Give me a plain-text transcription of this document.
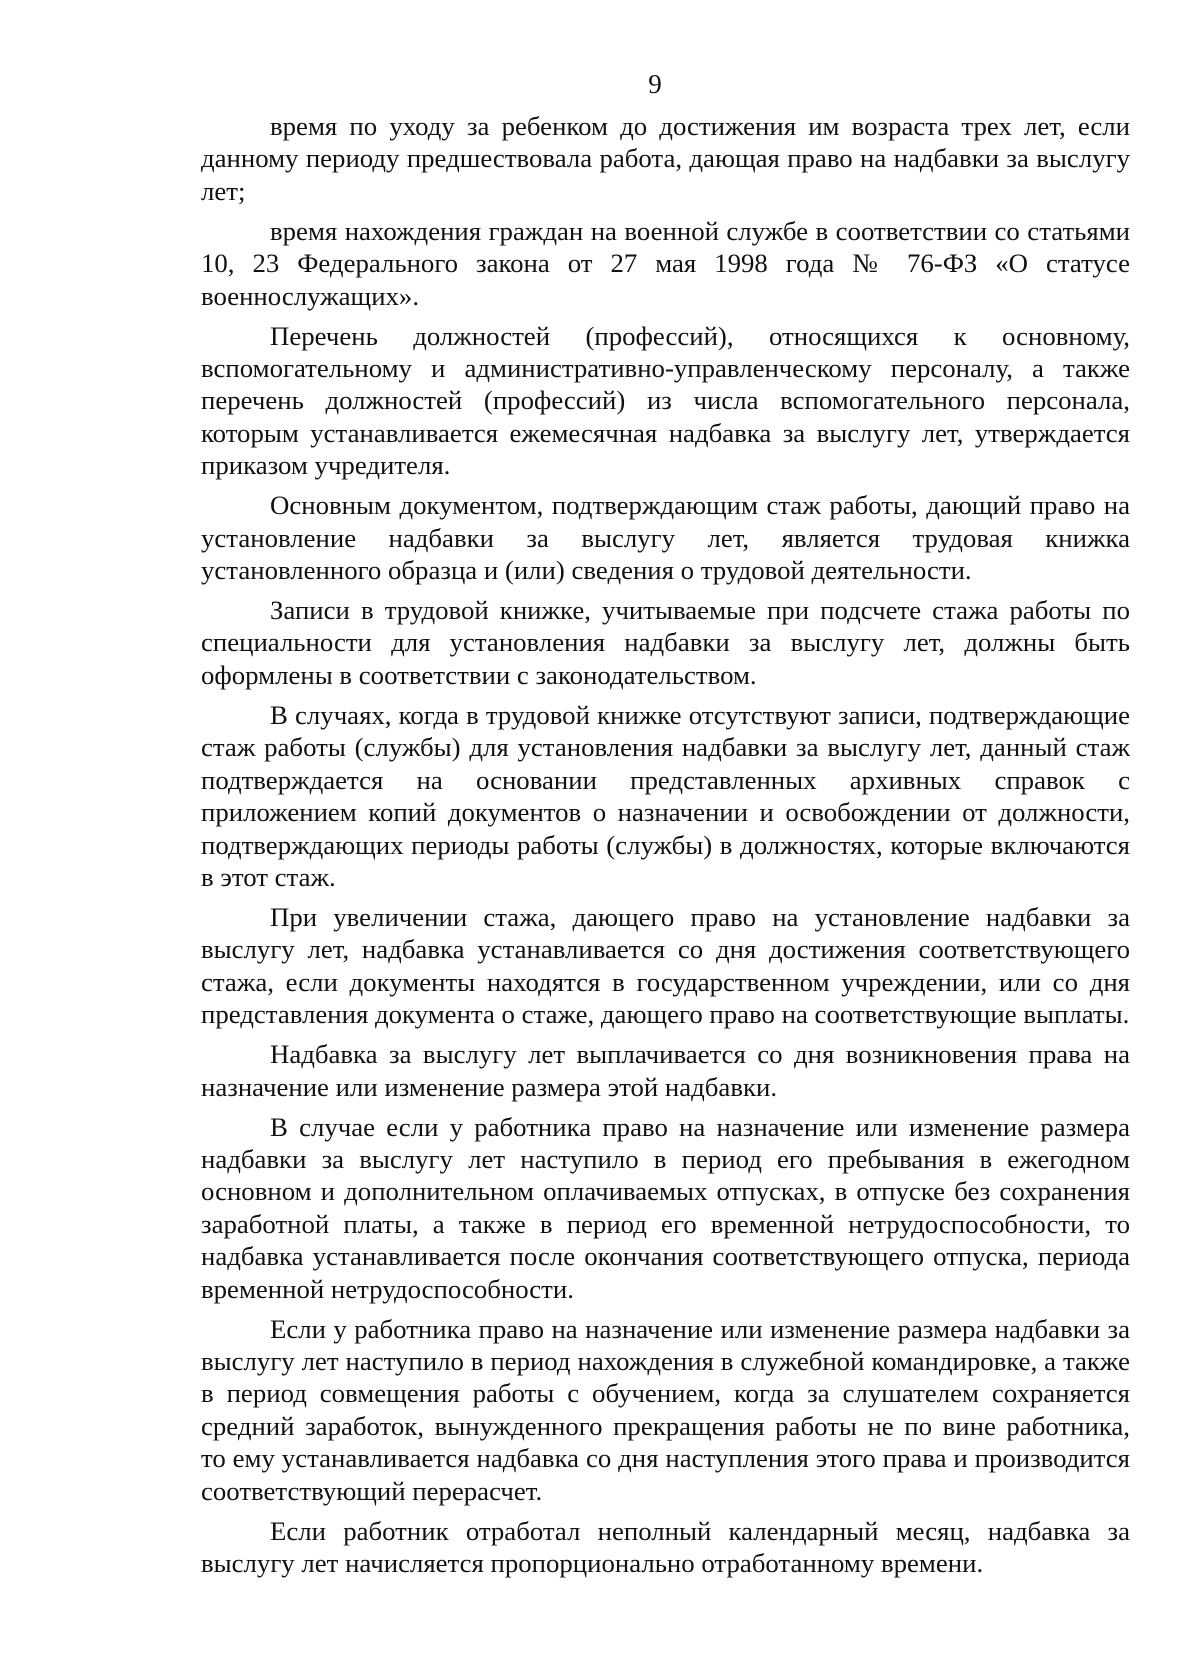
9

время по уходу за ребенком до достижения им возраста трех лет, если данному периоду предшествовала работа, дающая право на надбавки за выслугу лет;

время нахождения граждан на военной службе в соответствии со статьями 10, 23 Федерального закона от 27 мая 1998 года № 76-ФЗ «О статусе военнослужащих».

Перечень должностей (профессий), относящихся к основному, вспомогательному и административно-управленческому персоналу, а также перечень должностей (профессий) из числа вспомогательного персонала, которым устанавливается ежемесячная надбавка за выслугу лет, утверждается приказом учредителя.

Основным документом, подтверждающим стаж работы, дающий право на установление надбавки за выслугу лет, является трудовая книжка установленного образца и (или) сведения о трудовой деятельности.

Записи в трудовой книжке, учитываемые при подсчете стажа работы по специальности для установления надбавки за выслугу лет, должны быть оформлены в соответствии с законодательством.

В случаях, когда в трудовой книжке отсутствуют записи, подтверждающие стаж работы (службы) для установления надбавки за выслугу лет, данный стаж подтверждается на основании представленных архивных справок с приложением копий документов о назначении и освобождении от должности, подтверждающих периоды работы (службы) в должностях, которые включаются в этот стаж.

При увеличении стажа, дающего право на установление надбавки за выслугу лет, надбавка устанавливается со дня достижения соответствующего стажа, если документы находятся в государственном учреждении, или со дня представления документа о стаже, дающего право на соответствующие выплаты.

Надбавка за выслугу лет выплачивается со дня возникновения права на назначение или изменение размера этой надбавки.

В случае если у работника право на назначение или изменение размера надбавки за выслугу лет наступило в период его пребывания в ежегодном основном и дополнительном оплачиваемых отпусках, в отпуске без сохранения заработной платы, а также в период его временной нетрудоспособности, то надбавка устанавливается после окончания соответствующего отпуска, периода временной нетрудоспособности.

Если у работника право на назначение или изменение размера надбавки за выслугу лет наступило в период нахождения в служебной командировке, а также в период совмещения работы с обучением, когда за слушателем сохраняется средний заработок, вынужденного прекращения работы не по вине работника, то ему устанавливается надбавка со дня наступления этого права и производится соответствующий перерасчет.

Если работник отработал неполный календарный месяц, надбавка за выслугу лет начисляется пропорционально отработанному времени.
